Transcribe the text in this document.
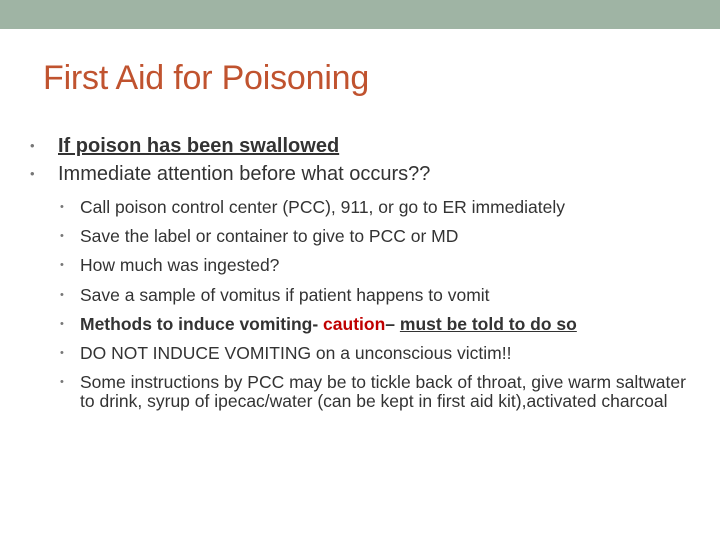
First Aid for Poisoning
• If poison has been swallowed
• Immediate attention before what occurs??
• Call poison control center (PCC), 911, or go to ER immediately
• Save the label or container to give to PCC or MD
• How much was ingested?
• Save a sample of vomitus if patient happens to vomit
• Methods to induce vomiting- caution– must be told to do so
• DO NOT INDUCE VOMITING on a unconscious victim!!
• Some instructions by PCC may be to tickle back of throat, give warm saltwater to drink, syrup of ipecac/water (can be kept in first aid kit),activated charcoal
